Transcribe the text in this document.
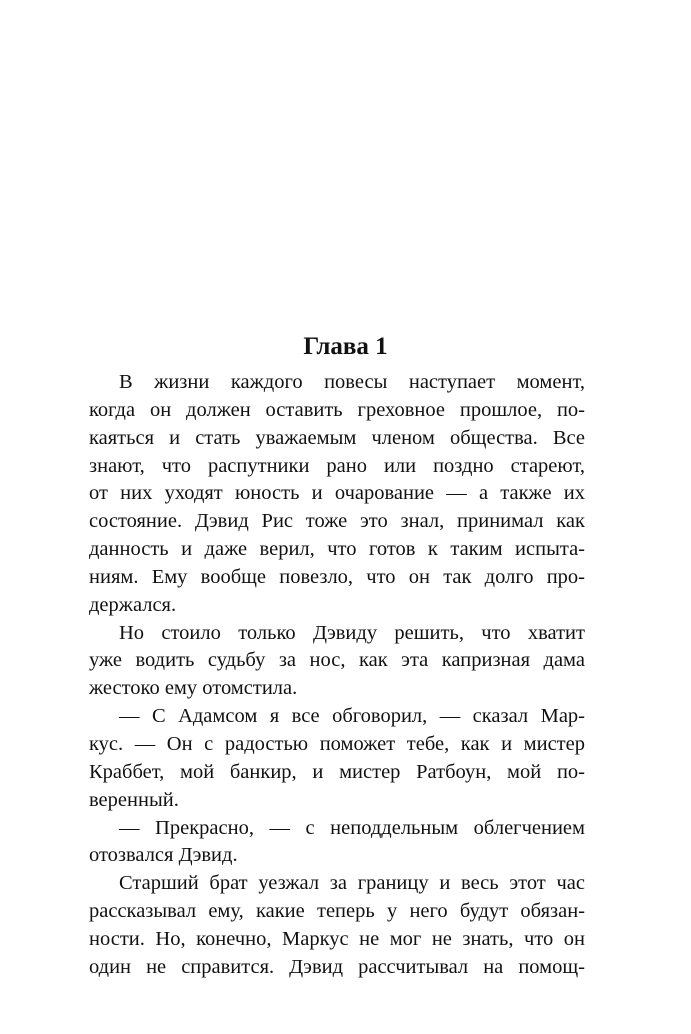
Глава 1
В жизни каждого повесы наступает момент,
когда он должен оставить греховное прошлое, по-
каяться и стать уважаемым членом общества. Все
знают, что распутники рано или поздно стареют,
от них уходят юность и очарование — а также их
состояние. Дэвид Рис тоже это знал, принимал как
данность и даже верил, что готов к таким испыта-
ниям. Ему вообще повезло, что он так долго про-
держался.
Но стоило только Дэвиду решить, что хватит
уже водить судьбу за нос, как эта капризная дама
жестоко ему отомстила.
— С Адамсом я все обговорил, — сказал Мар-
кус. — Он с радостью поможет тебе, как и мистер
Краббет, мой банкир, и мистер Ратбоун, мой по-
веренный.
— Прекрасно, — с неподдельным облегчением
отозвался Дэвид.
Старший брат уезжал за границу и весь этот час
рассказывал ему, какие теперь у него будут обязан-
ности. Но, конечно, Маркус не мог не знать, что он
один не справится. Дэвид рассчитывал на помощ-
